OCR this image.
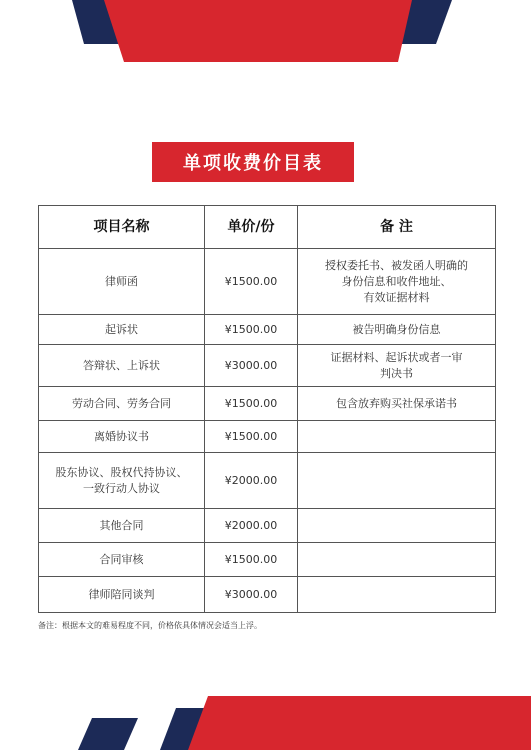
单项收费价目表
项目名称	单价/份	备 注
律师函	¥1500.00	授权委托书、被发函人明确的
身份信息和收件地址、
有效证据材料
起诉状	¥1500.00	被告明确身份信息
答辩状、上诉状	¥3000.00	证据材料、起诉状或者一审
判决书
劳动合同、劳务合同	¥1500.00	包含放弃购买社保承诺书
离婚协议书	¥1500.00	
股东协议、股权代持协议、
一致行动人协议	¥2000.00	
其他合同	¥2000.00	
合同审核	¥1500.00	
律师陪同谈判	¥3000.00	
备注：根据本文的难易程度不同，价格依具体情况会适当上浮。
